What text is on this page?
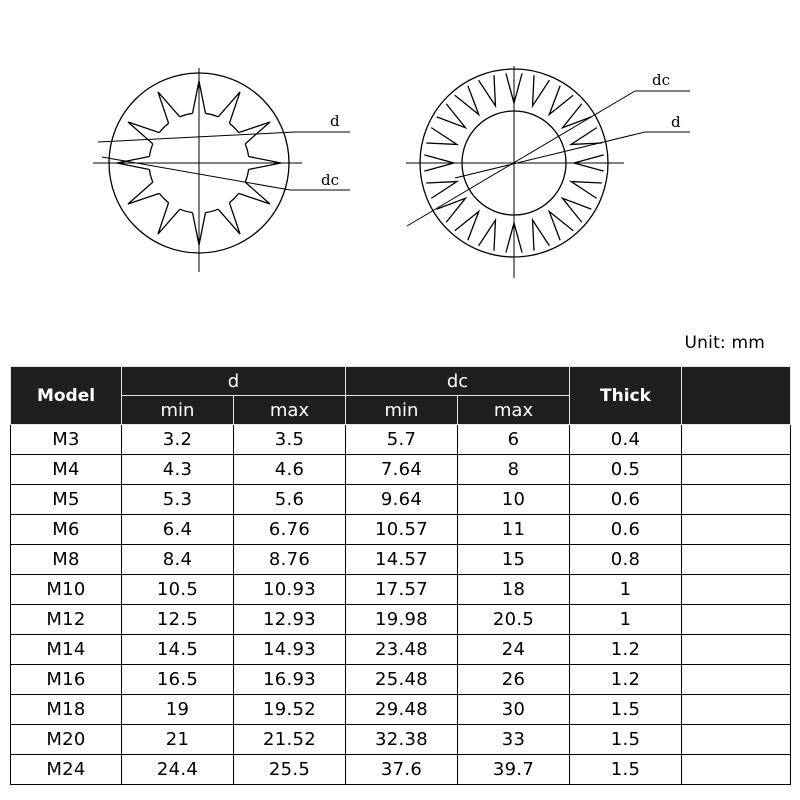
d
dc
dc
d
Unit: mm
Model	d		dc		Thick	
	min	max	min	max		
M3	3.2	3.5	5.7	6	0.4	
M4	4.3	4.6	7.64	8	0.5	
M5	5.3	5.6	9.64	10	0.6	
M6	6.4	6.76	10.57	11	0.6	
M8	8.4	8.76	14.57	15	0.8	
M10	10.5	10.93	17.57	18	1	
M12	12.5	12.93	19.98	20.5	1	
M14	14.5	14.93	23.48	24	1.2	
M16	16.5	16.93	25.48	26	1.2	
M18	19	19.52	29.48	30	1.5	
M20	21	21.52	32.38	33	1.5	
M24	24.4	25.5	37.6	39.7	1.5	
